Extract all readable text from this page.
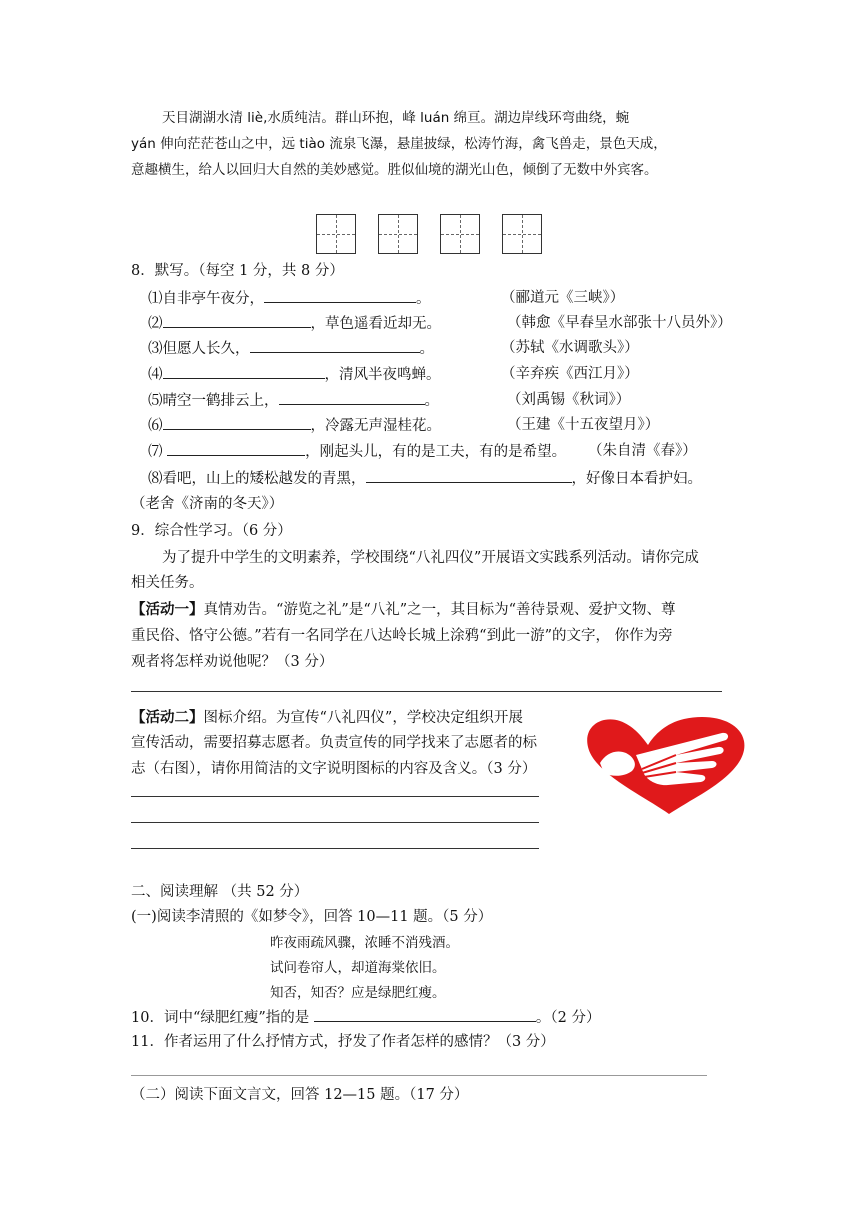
天目湖湖水清 liè,水质纯洁。群山环抱，峰 luán 绵亘。湖边岸线环弯曲绕，蜿
yán 伸向茫茫苍山之中，远 tiào 流泉飞瀑，悬崖披绿，松涛竹海，禽飞兽走，景色天成，
意趣横生，给人以回归大自然的美妙感觉。胜似仙境的湖光山色，倾倒了无数中外宾客。
8．默写。（每空 1 分，共 8 分）
⑴自非亭午夜分，	。	（郦道元《三峡》）
⑵	，草色遥看近却无。	（韩愈《早春呈水部张十八员外》）
⑶但愿人长久，	。	（苏轼《水调歌头》）
⑷	，清风半夜鸣蝉。	（辛弃疾《西江月》）
⑸晴空一鹤排云上，	。	（刘禹锡《秋词》）
⑹	，冷露无声湿桂花。	（王建《十五夜望月》）
⑺	，刚起头儿，有的是工夫，有的是希望。 （朱自清《春》）
⑻看吧，山上的矮松越发的青黑，	，好像日本看护妇。
（老舍《济南的冬天》）
9．综合性学习。（6 分）
为了提升中学生的文明素养，学校围绕“八礼四仪”开展语文实践系列活动。请你完成
相关任务。
【活动一】真情劝告。“游览之礼”是“八礼”之一，其目标为“善待景观、爱护文物、尊
重民俗、恪守公德。”若有一名同学在八达岭长城上涂鸦“到此一游”的文字， 你作为旁
观者将怎样劝说他呢？（3 分）
【活动二】图标介绍。为宣传“八礼四仪”，学校决定组织开展
宣传活动，需要招募志愿者。负责宣传的同学找来了志愿者的标
志（右图），请你用简洁的文字说明图标的内容及含义。（3 分）
二、阅读理解 （共 52 分）
(一)阅读李清照的《如梦令》，回答 10—11 题。（5 分）
昨夜雨疏风骤，浓睡不消残酒。
试问卷帘人，却道海棠依旧。
知否，知否？应是绿肥红瘦。
10．词中“绿肥红瘦”指的是	。（2 分）
11．作者运用了什么抒情方式，抒发了作者怎样的感情？（3 分）
（二）阅读下面文言文，回答 12—15 题。（17 分）
